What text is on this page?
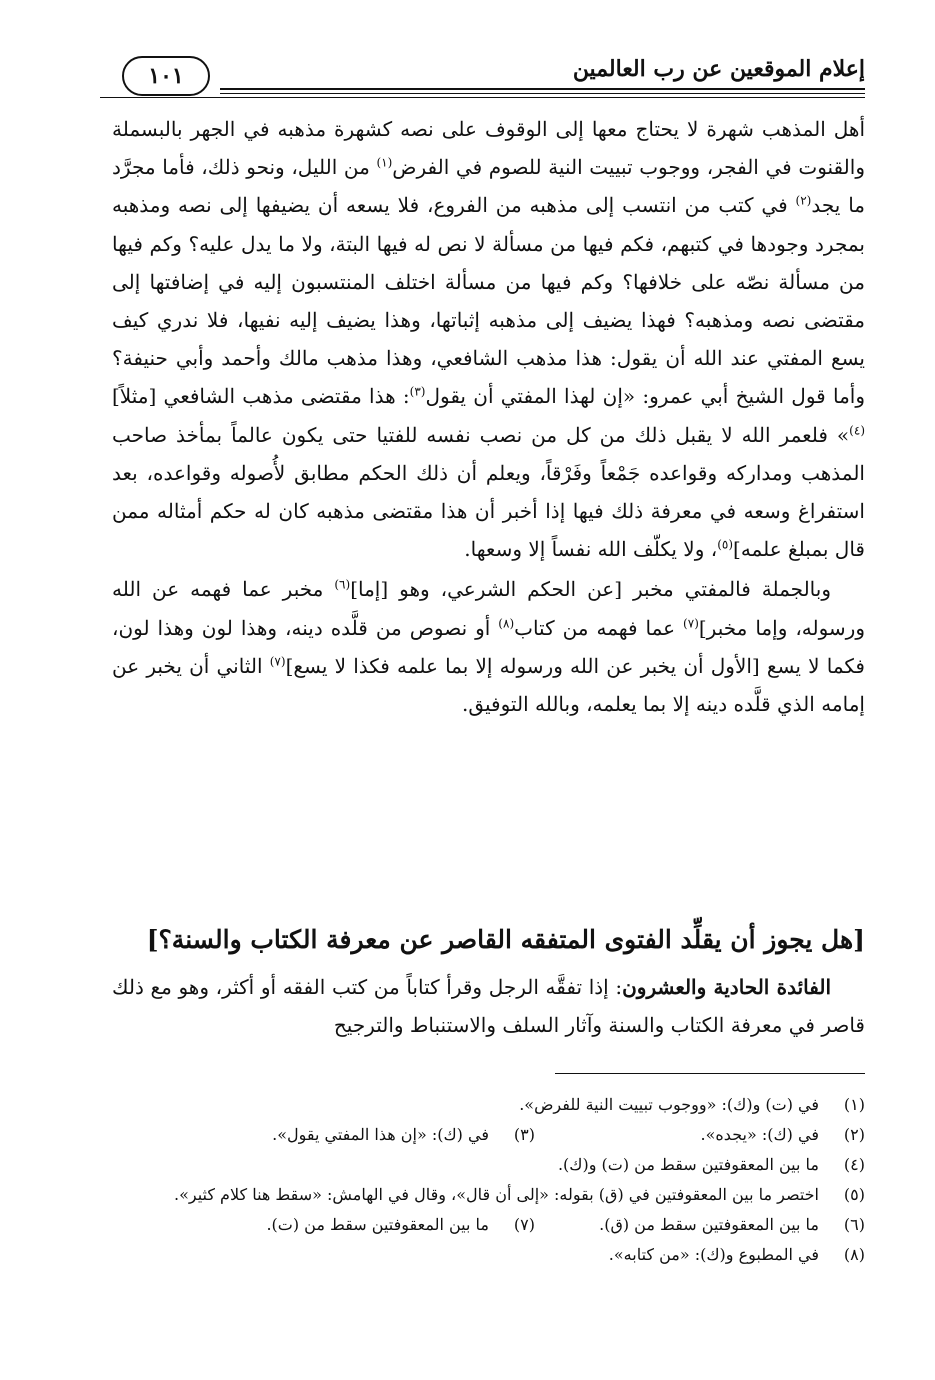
إعلام الموقعين عن رب العالمين
١٠١

أهل المذهب شهرة لا يحتاج معها إلى الوقوف على نصه كشهرة مذهبه في الجهر بالبسملة والقنوت في الفجر، ووجوب تبييت النية للصوم في الفرض$^{(١)}$ من الليل، ونحو ذلك، فأما مجرَّد ما يجد$^{(٢)}$ في كتب من انتسب إلى مذهبه من الفروع، فلا يسعه أن يضيفها إلى نصه ومذهبه بمجرد وجودها في كتبهم، فكم فيها من مسألة لا نص له فيها البتة، ولا ما يدل عليه؟ وكم فيها من مسألة نصّه على خلافها؟ وكم فيها من مسألة اختلف المنتسبون إليه في إضافتها إلى مقتضى نصه ومذهبه؟ فهذا يضيف إلى مذهبه إثباتها، وهذا يضيف إليه نفيها، فلا ندري كيف يسع المفتي عند الله أن يقول: هذا مذهب الشافعي، وهذا مذهب مالك وأحمد وأبي حنيفة؟ وأما قول الشيخ أبي عمرو: «إن لهذا المفتي أن يقول$^{(٣)}$: هذا مقتضى مذهب الشافعي [مثلاً]$^{(٤)}$» فلعمر الله لا يقبل ذلك من كل من نصب نفسه للفتيا حتى يكون عالماً بمأخذ صاحب المذهب ومداركه وقواعده جَمْعاً وفَرْقاً، ويعلم أن ذلك الحكم مطابق لأُصوله وقواعده، بعد استفراغ وسعه في معرفة ذلك فيها إذا أخبر أن هذا مقتضى مذهبه كان له حكم أمثاله ممن قال بمبلغ علمه]$^{(٥)}$، ولا يكلّف الله نفساً إلا وسعها.

وبالجملة فالمفتي مخبر [عن الحكم الشرعي، وهو [إما]$^{(٦)}$ مخبر عما فهمه عن الله ورسوله، وإما مخبر]$^{(٧)}$ عما فهمه من كتاب$^{(٨)}$ أو نصوص من قلَّده دينه، وهذا لون وهذا لون، فكما لا يسع [الأول أن يخبر عن الله ورسوله إلا بما علمه فكذا لا يسع]$^{(٧)}$ الثاني أن يخبر عن إمامه الذي قلَّده دينه إلا بما يعلمه، وبالله التوفيق.

[هل يجوز أن يقلِّد الفتوى المتفقه القاصر عن معرفة الكتاب والسنة؟]

الفائدة الحادية والعشرون: إذا تفقَّه الرجل وقرأ كتاباً من كتب الفقه أو أكثر، وهو مع ذلك قاصر في معرفة الكتاب والسنة وآثار السلف والاستنباط والترجيح

(١)
في (ت) و(ك): «ووجوب تبييت النية للفرض».
(٢)
في (ك): «يجده».
(٣)
في (ك): «إن هذا المفتي يقول».
(٤)
ما بين المعقوفتين سقط من (ت) و(ك).
(٥)
اختصر ما بين المعقوفتين في (ق) بقوله: «إلى أن قال»، وقال في الهامش: «سقط هنا كلام كثير».
(٦)
ما بين المعقوفتين سقط من (ق).
(٧)
ما بين المعقوفتين سقط من (ت).
(٨)
في المطبوع و(ك): «من كتابه».
